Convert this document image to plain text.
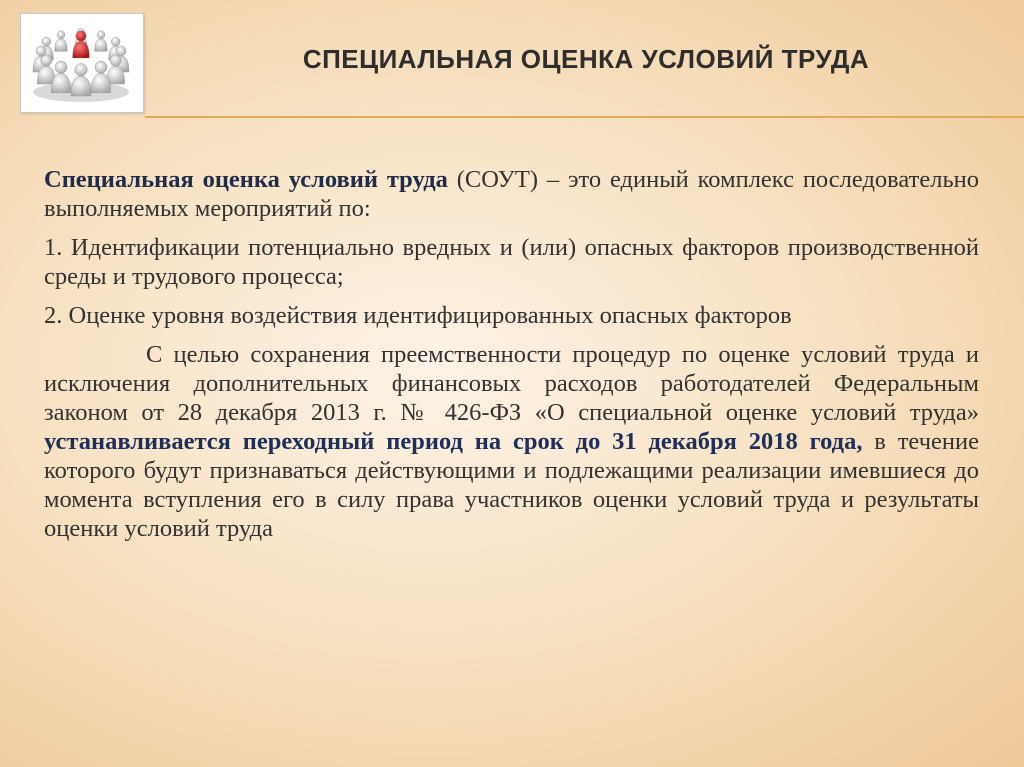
СПЕЦИАЛЬНАЯ ОЦЕНКА УСЛОВИЙ ТРУДА

Специальная оценка условий труда (СОУТ) – это единый комплекс последовательно выполняемых мероприятий по:

1. Идентификации потенциально вредных и (или) опасных факторов производственной среды и трудового процесса;

2. Оценке уровня воздействия идентифицированных опасных факторов

С целью сохранения преемственности процедур по оценке условий труда и исключения дополнительных финансовых расходов работодателей Федеральным законом от 28 декабря 2013 г. № 426-ФЗ «О специальной оценке условий труда» устанавливается переходный период на срок до 31 декабря 2018 года, в течение которого будут признаваться действующими и подлежащими реализации имевшиеся до момента вступления его в силу права участников оценки условий труда и результаты оценки условий труда
